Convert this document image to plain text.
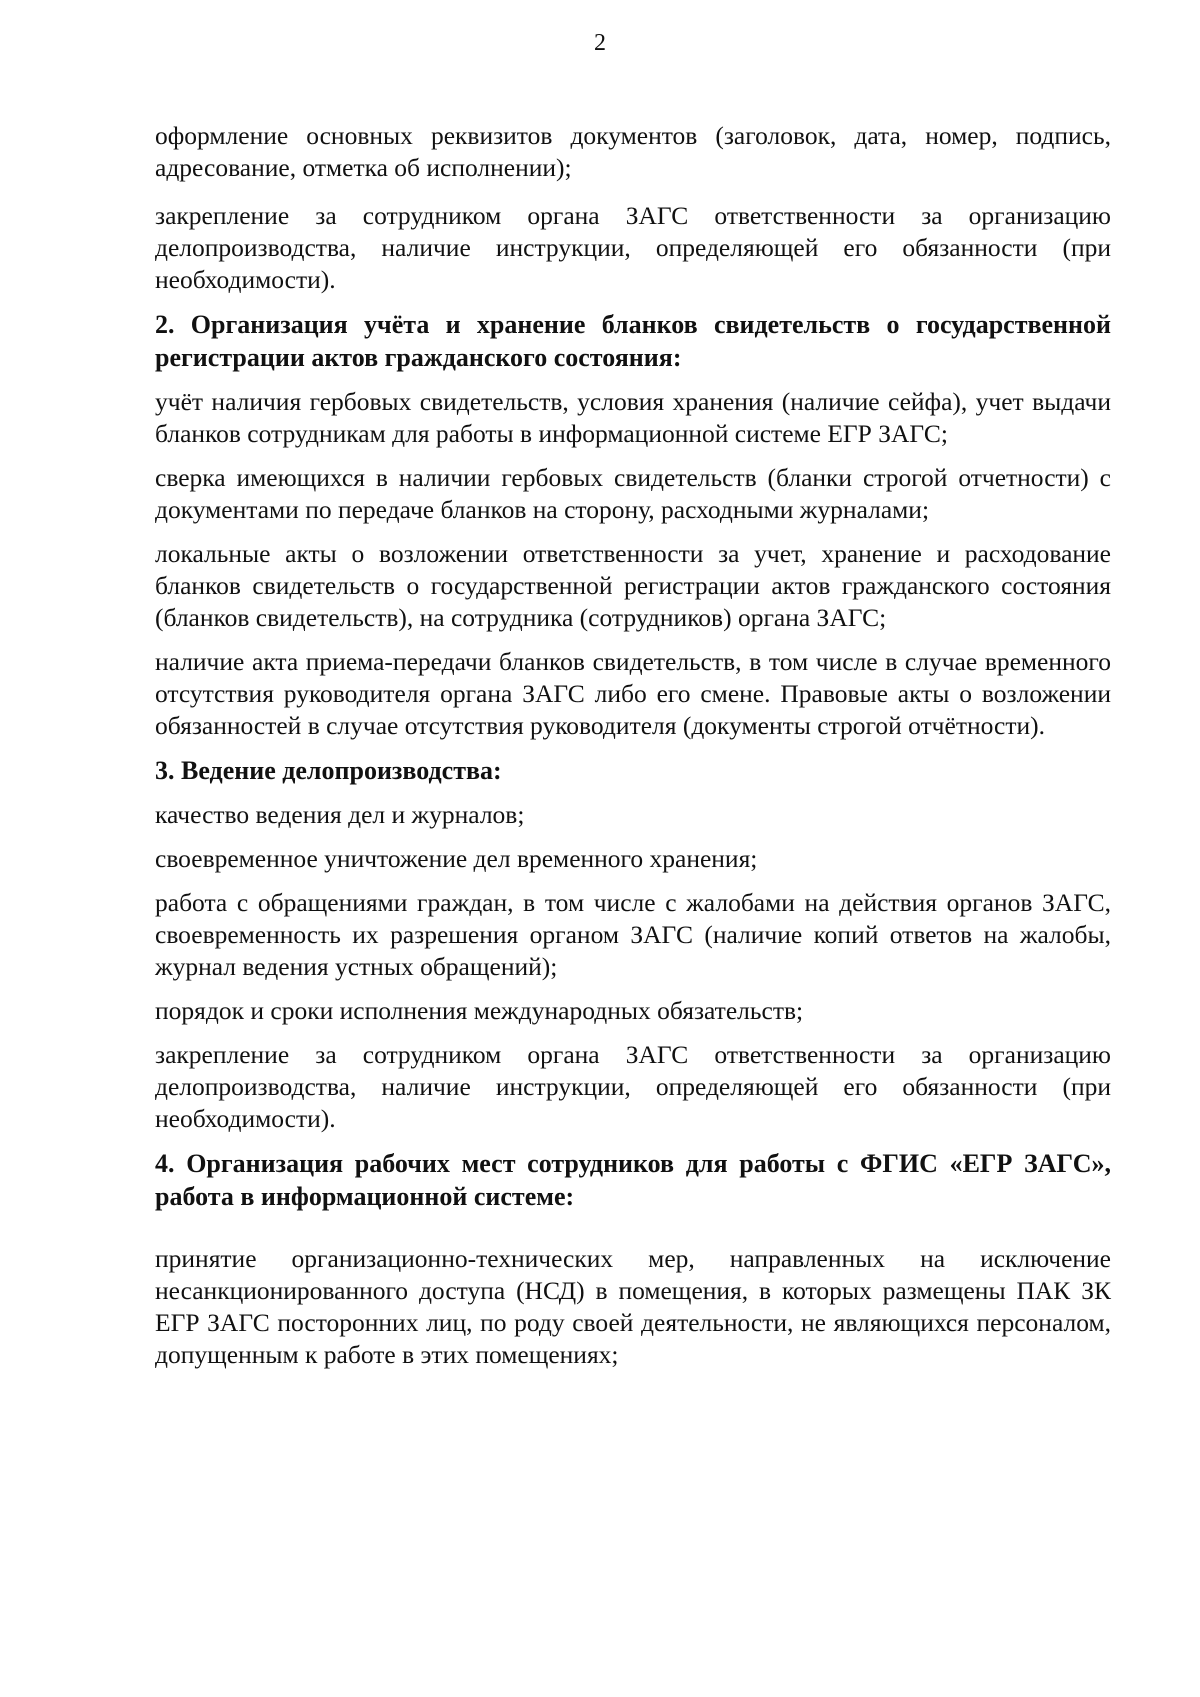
2

оформление основных реквизитов документов (заголовок, дата, номер, подпись, адресование, отметка об исполнении);

закрепление за сотрудником органа ЗАГС ответственности за организацию делопроизводства, наличие инструкции, определяющей его обязанности (при необходимости).

2. Организация учёта и хранение бланков свидетельств о государственной регистрации актов гражданского состояния:

учёт наличия гербовых свидетельств, условия хранения (наличие сейфа), учет выдачи бланков сотрудникам для работы в информационной системе ЕГР ЗАГС;

сверка имеющихся в наличии гербовых свидетельств (бланки строгой отчетности) с документами по передаче бланков на сторону, расходными журналами;

локальные акты о возложении ответственности за учет, хранение и расходование бланков свидетельств о государственной регистрации актов гражданского состояния (бланков свидетельств), на сотрудника (сотрудников) органа ЗАГС;

наличие акта приема-передачи бланков свидетельств, в том числе в случае временного отсутствия руководителя органа ЗАГС либо его смене. Правовые акты о возложении обязанностей в случае отсутствия руководителя (документы строгой отчётности).

3. Ведение делопроизводства:

качество ведения дел и журналов;

своевременное уничтожение дел временного хранения;

работа с обращениями граждан, в том числе с жалобами на действия органов ЗАГС, своевременность их разрешения органом ЗАГС (наличие копий ответов на жалобы, журнал ведения устных обращений);

порядок и сроки исполнения международных обязательств;

закрепление за сотрудником органа ЗАГС ответственности за организацию делопроизводства, наличие инструкции, определяющей его обязанности (при необходимости).

4. Организация рабочих мест сотрудников для работы с ФГИС «ЕГР ЗАГС», работа в информационной системе:

принятие организационно-технических мер, направленных на исключение несанкционированного доступа (НСД) в помещения, в которых размещены ПАК ЗК ЕГР ЗАГС посторонних лиц, по роду своей деятельности, не являющихся персоналом, допущенным к работе в этих помещениях;
